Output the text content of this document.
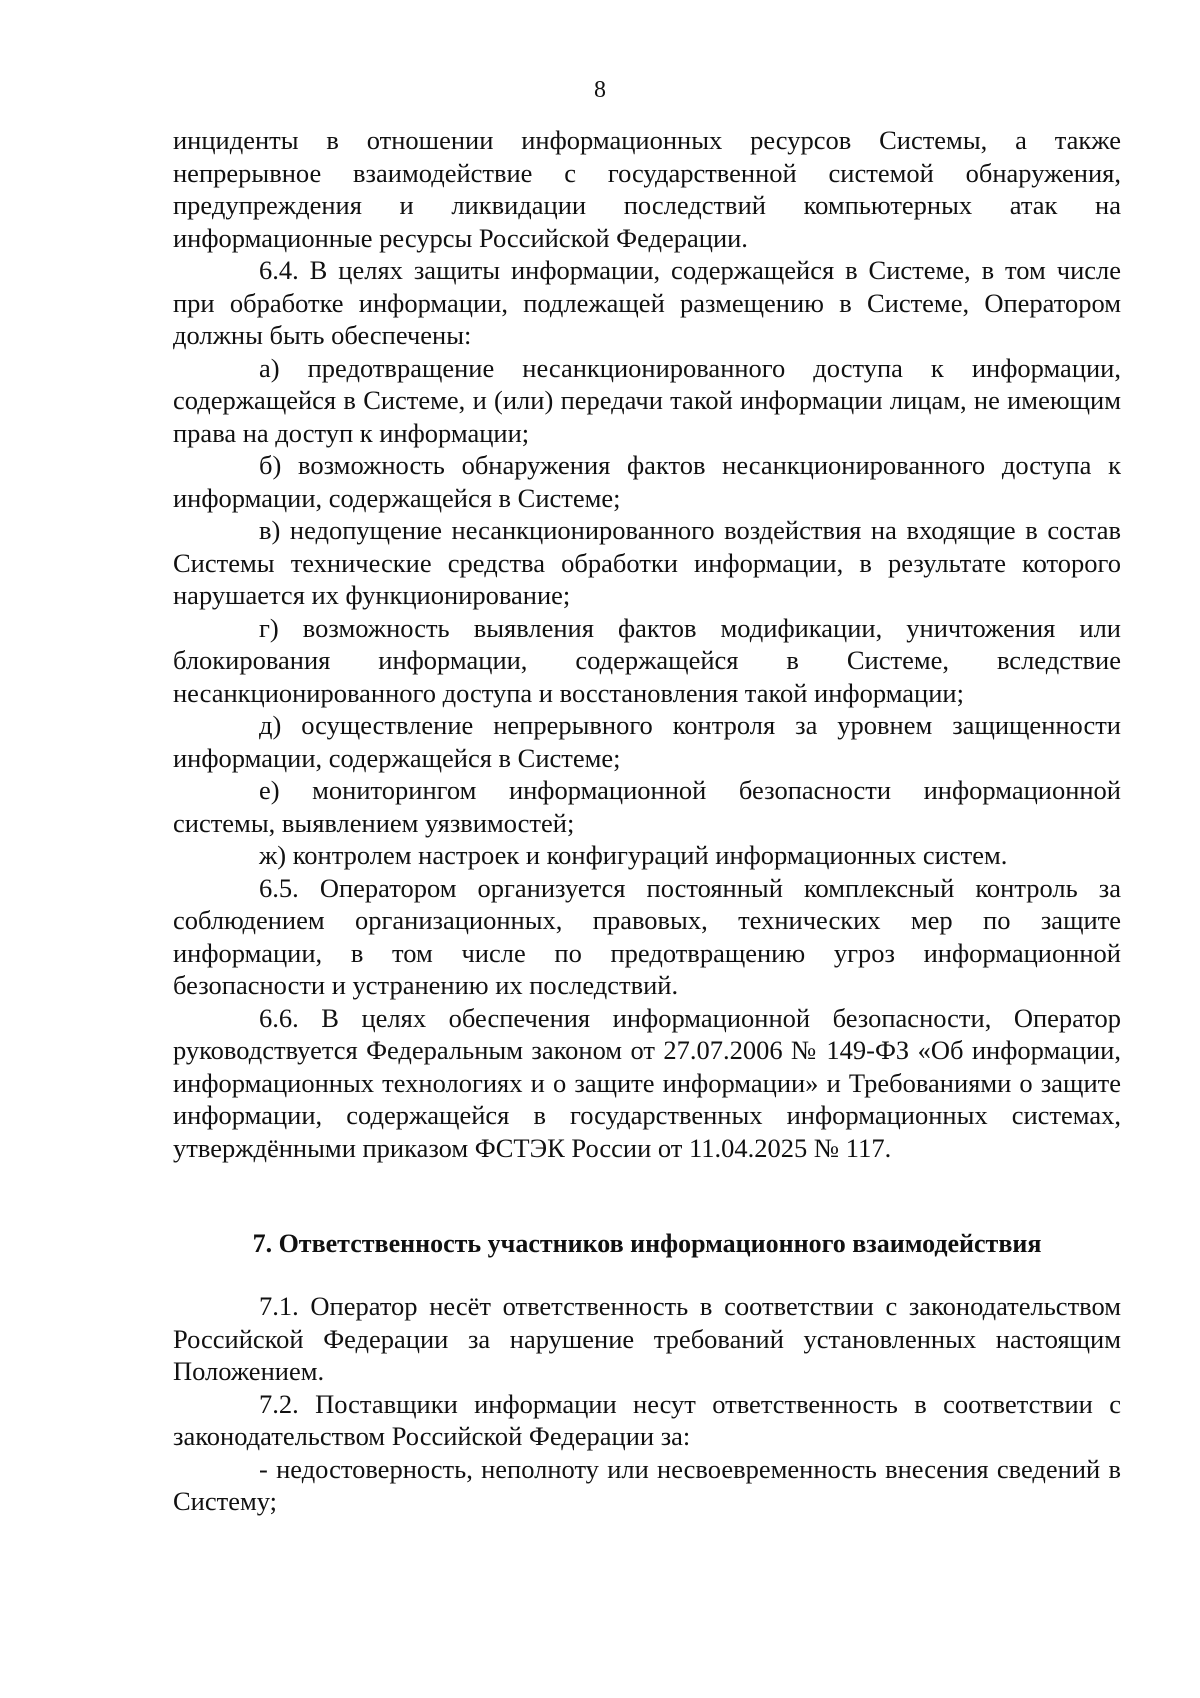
8

инциденты в отношении информационных ресурсов Системы, а также непрерывное взаимодействие с государственной системой обнаружения, предупреждения и ликвидации последствий компьютерных атак на информационные ресурсы Российской Федерации.

6.4. В целях защиты информации, содержащейся в Системе, в том числе при обработке информации, подлежащей размещению в Системе, Оператором должны быть обеспечены:

а) предотвращение несанкционированного доступа к информации, содержащейся в Системе, и (или) передачи такой информации лицам, не имеющим права на доступ к информации;

б) возможность обнаружения фактов несанкционированного доступа к информации, содержащейся в Системе;

в) недопущение несанкционированного воздействия на входящие в состав Системы технические средства обработки информации, в результате которого нарушается их функционирование;

г) возможность выявления фактов модификации, уничтожения или блокирования информации, содержащейся в Системе, вследствие несанкционированного доступа и восстановления такой информации;

д) осуществление непрерывного контроля за уровнем защищенности информации, содержащейся в Системе;

е) мониторингом информационной безопасности информационной системы, выявлением уязвимостей;

ж) контролем настроек и конфигураций информационных систем.

6.5. Оператором организуется постоянный комплексный контроль за соблюдением организационных, правовых, технических мер по защите информации, в том числе по предотвращению угроз информационной безопасности и устранению их последствий.

6.6. В целях обеспечения информационной безопасности, Оператор руководствуется Федеральным законом от 27.07.2006 № 149-ФЗ «Об информации, информационных технологиях и о защите информации» и Требованиями о защите информации, содержащейся в государственных информационных системах, утверждёнными приказом ФСТЭК России от 11.04.2025 № 117.

7. Ответственность участников информационного взаимодействия

7.1. Оператор несёт ответственность в соответствии с законодательством Российской Федерации за нарушение требований установленных настоящим Положением.

7.2. Поставщики информации несут ответственность в соответствии с законодательством Российской Федерации за:

- недостоверность, неполноту или несвоевременность внесения сведений в Систему;
